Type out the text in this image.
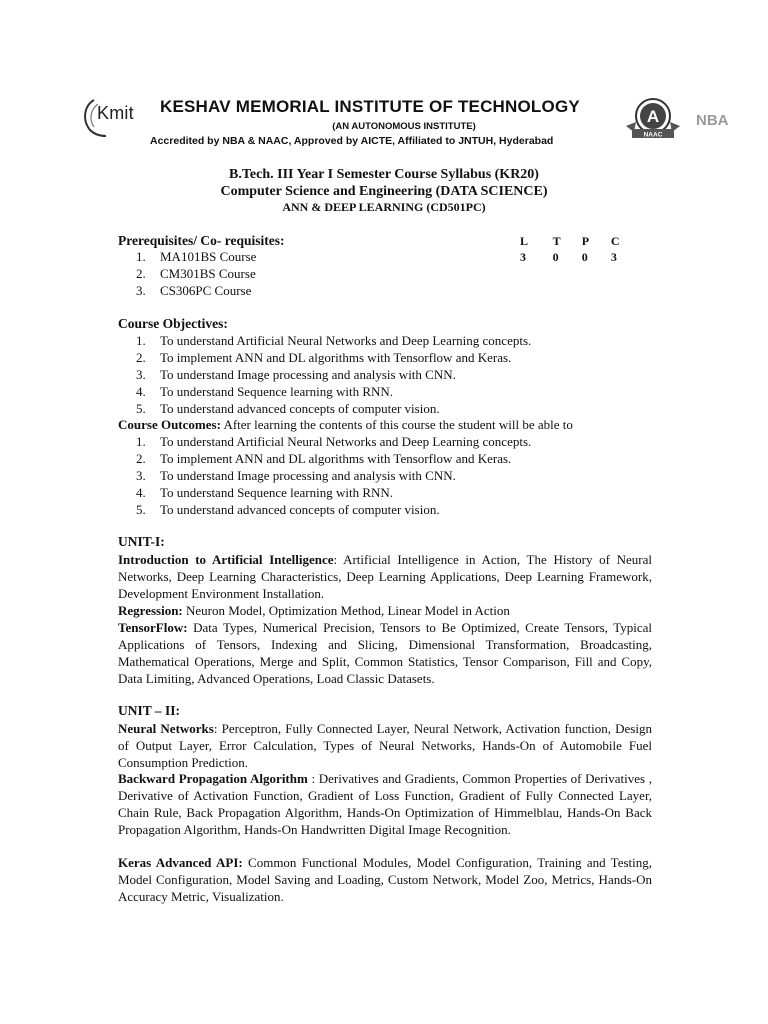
Kmit KESHAV MEMORIAL INSTITUTE OF TECHNOLOGY
(AN AUTONOMOUS INSTITUTE)
Accredited by NBA & NAAC, Approved by AICTE, Affiliated to JNTUH, Hyderabad
A
NAAC
NBA
B.Tech. III Year I Semester Course Syllabus (KR20)
Computer Science and Engineering (DATA SCIENCE)
ANN & DEEP LEARNING (CD501PC)
Prerequisites/ Co- requisites:
1. MA101BS Course
2. CM301BS Course
3. CS306PC Course
L	T	P	C
3	0	0	3
Course Objectives:
1. To understand Artificial Neural Networks and Deep Learning concepts.
2. To implement ANN and DL algorithms with Tensorflow and Keras.
3. To understand Image processing and analysis with CNN.
4. To understand Sequence learning with RNN.
5. To understand advanced concepts of computer vision.
Course Outcomes: After learning the contents of this course the student will be able to
1. To understand Artificial Neural Networks and Deep Learning concepts.
2. To implement ANN and DL algorithms with Tensorflow and Keras.
3. To understand Image processing and analysis with CNN.
4. To understand Sequence learning with RNN.
5. To understand advanced concepts of computer vision.
UNIT-I:

Introduction to Artificial Intelligence: Artificial Intelligence in Action, The History of Neural Networks, Deep Learning Characteristics, Deep Learning Applications, Deep Learning Framework, Development Environment Installation.

Regression: Neuron Model, Optimization Method, Linear Model in Action

TensorFlow: Data Types, Numerical Precision, Tensors to Be Optimized, Create Tensors, Typical Applications of Tensors, Indexing and Slicing, Dimensional Transformation, Broadcasting, Mathematical Operations, Merge and Split, Common Statistics, Tensor Comparison, Fill and Copy, Data Limiting, Advanced Operations, Load Classic Datasets.

UNIT – II:

Neural Networks: Perceptron, Fully Connected Layer, Neural Network, Activation function, Design of Output Layer, Error Calculation, Types of Neural Networks, Hands-On of Automobile Fuel Consumption Prediction.

Backward Propagation Algorithm : Derivatives and Gradients, Common Properties of Derivatives , Derivative of Activation Function, Gradient of Loss Function, Gradient of Fully Connected Layer, Chain Rule, Back Propagation Algorithm, Hands-On Optimization of Himmelblau, Hands-On Back Propagation Algorithm, Hands-On Handwritten Digital Image Recognition.

Keras Advanced API: Common Functional Modules, Model Configuration, Training and Testing, Model Configuration, Model Saving and Loading, Custom Network, Model Zoo, Metrics, Hands-On Accuracy Metric, Visualization.
